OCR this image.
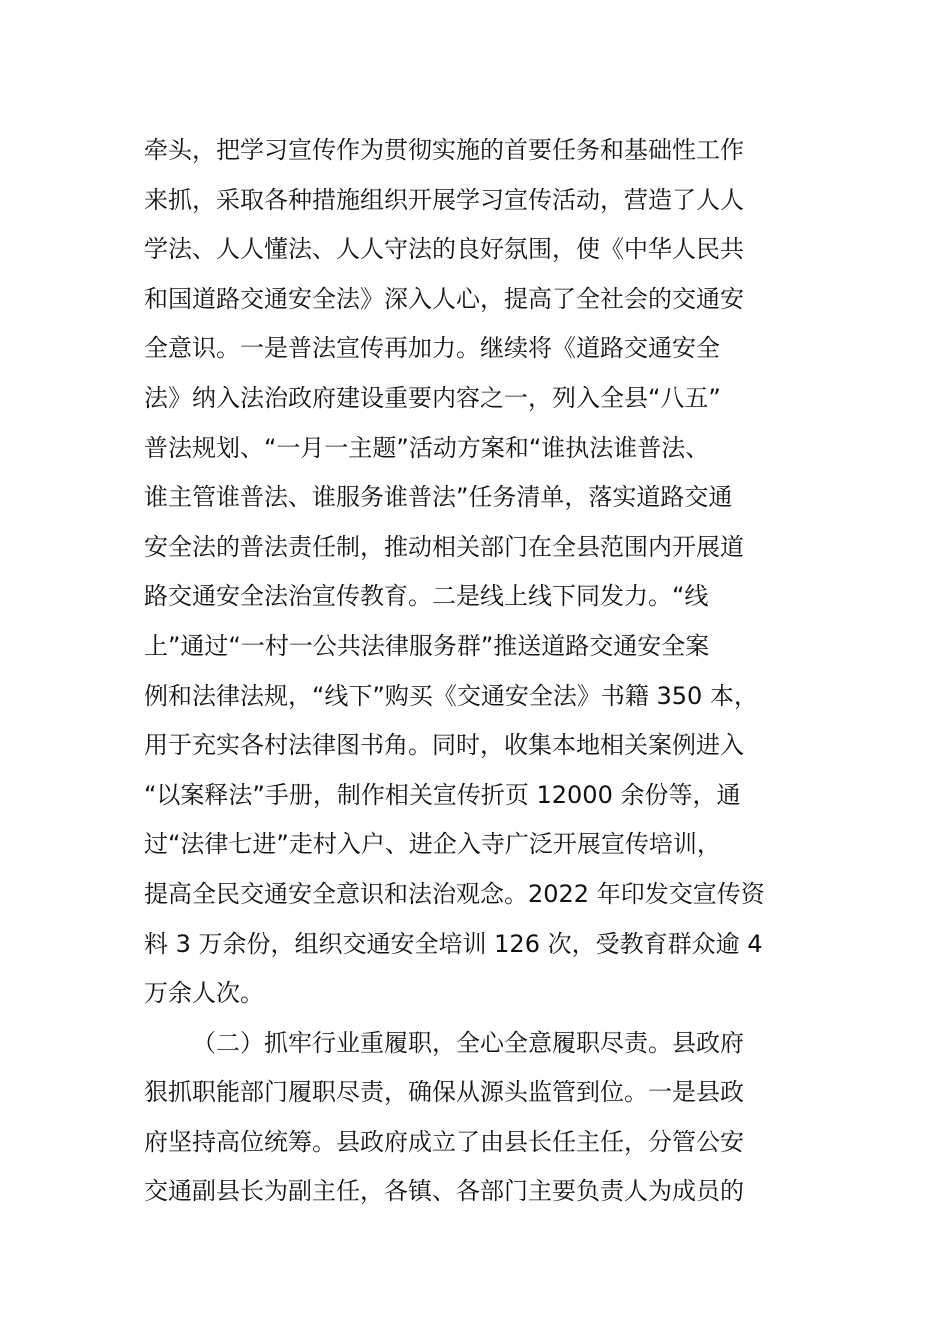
牵头，把学习宣传作为贯彻实施的首要任务和基础性工作
来抓，采取各种措施组织开展学习宣传活动，营造了人人
学法、人人懂法、人人守法的良好氛围，使《中华人民共
和国道路交通安全法》深入人心，提高了全社会的交通安
全意识。一是普法宣传再加力。继续将《道路交通安全
法》纳入法治政府建设重要内容之一，列入全县“八五”
普法规划、“一月一主题”活动方案和“谁执法谁普法、
谁主管谁普法、谁服务谁普法”任务清单，落实道路交通
安全法的普法责任制，推动相关部门在全县范围内开展道
路交通安全法治宣传教育。二是线上线下同发力。“线
上”通过“一村一公共法律服务群”推送道路交通安全案
例和法律法规，“线下”购买《交通安全法》书籍 350 本，
用于充实各村法律图书角。同时，收集本地相关案例进入
“以案释法”手册，制作相关宣传折页 12000 余份等，通
过“法律七进”走村入户、进企入寺广泛开展宣传培训，
提高全民交通安全意识和法治观念。2022 年印发交宣传资
料 3 万余份，组织交通安全培训 126 次，受教育群众逾 4
万余人次。
（二）抓牢行业重履职，全心全意履职尽责。县政府
狠抓职能部门履职尽责，确保从源头监管到位。一是县政
府坚持高位统筹。县政府成立了由县长任主任，分管公安
交通副县长为副主任，各镇、各部门主要负责人为成员的
